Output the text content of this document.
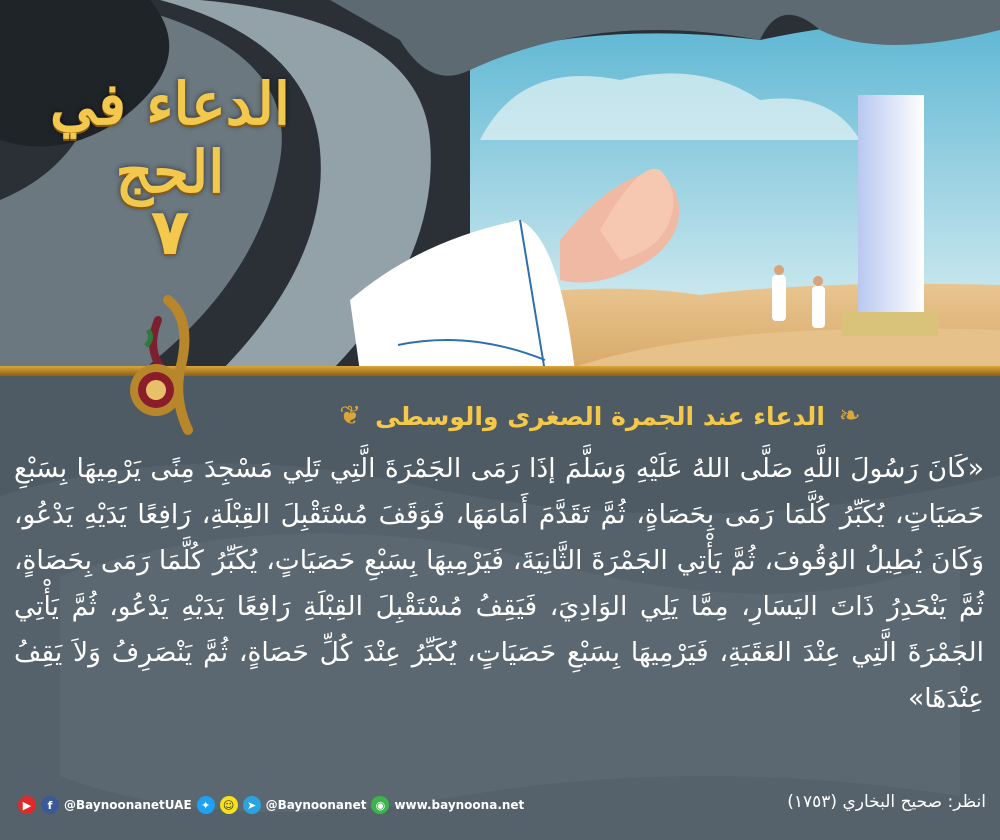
الدعاء في الحج
٧
❦ الدعاء عند الجمرة الصغرى والوسطى ❧
«كَانَ رَسُولَ اللَّهِ صَلَّى اللهُ عَلَيْهِ وَسَلَّمَ إذَا رَمَى الجَمْرَةَ الَّتِي تَلِي مَسْجِدَ مِنًى يَرْمِيهَا بِسَبْعِ حَصَيَاتٍ، يُكَبِّرُ كُلَّمَا رَمَى بِحَصَاةٍ، ثُمَّ تَقَدَّمَ أَمَامَهَا، فَوَقَفَ مُسْتَقْبِلَ القِبْلَةِ، رَافِعًا يَدَيْهِ يَدْعُو، وَكَانَ يُطِيلُ الوُقُوفَ، ثُمَّ يَأْتِي الجَمْرَةَ الثَّانِيَةَ، فَيَرْمِيهَا بِسَبْعِ حَصَيَاتٍ، يُكَبِّرُ كُلَّمَا رَمَى بِحَصَاةٍ، ثُمَّ يَنْحَدِرُ ذَاتَ اليَسَارِ، مِمَّا يَلِي الوَادِيَ، فَيَقِفُ مُسْتَقْبِلَ القِبْلَةِ رَافِعًا يَدَيْهِ يَدْعُو، ثُمَّ يَأْتِي الجَمْرَةَ الَّتِي عِنْدَ العَقَبَةِ، فَيَرْمِيهَا بِسَبْعِ حَصَيَاتٍ، يُكَبِّرُ عِنْدَ كُلِّ حَصَاةٍ، ثُمَّ يَنْصَرِفُ وَلاَ يَقِفُ عِنْدَهَا»
انظر: صحيح البخاري (١٧٥٣)
▶	f @BaynoonanetUAE ✦	☺	➤ @Baynoonanet ◉ www.baynoona.net
